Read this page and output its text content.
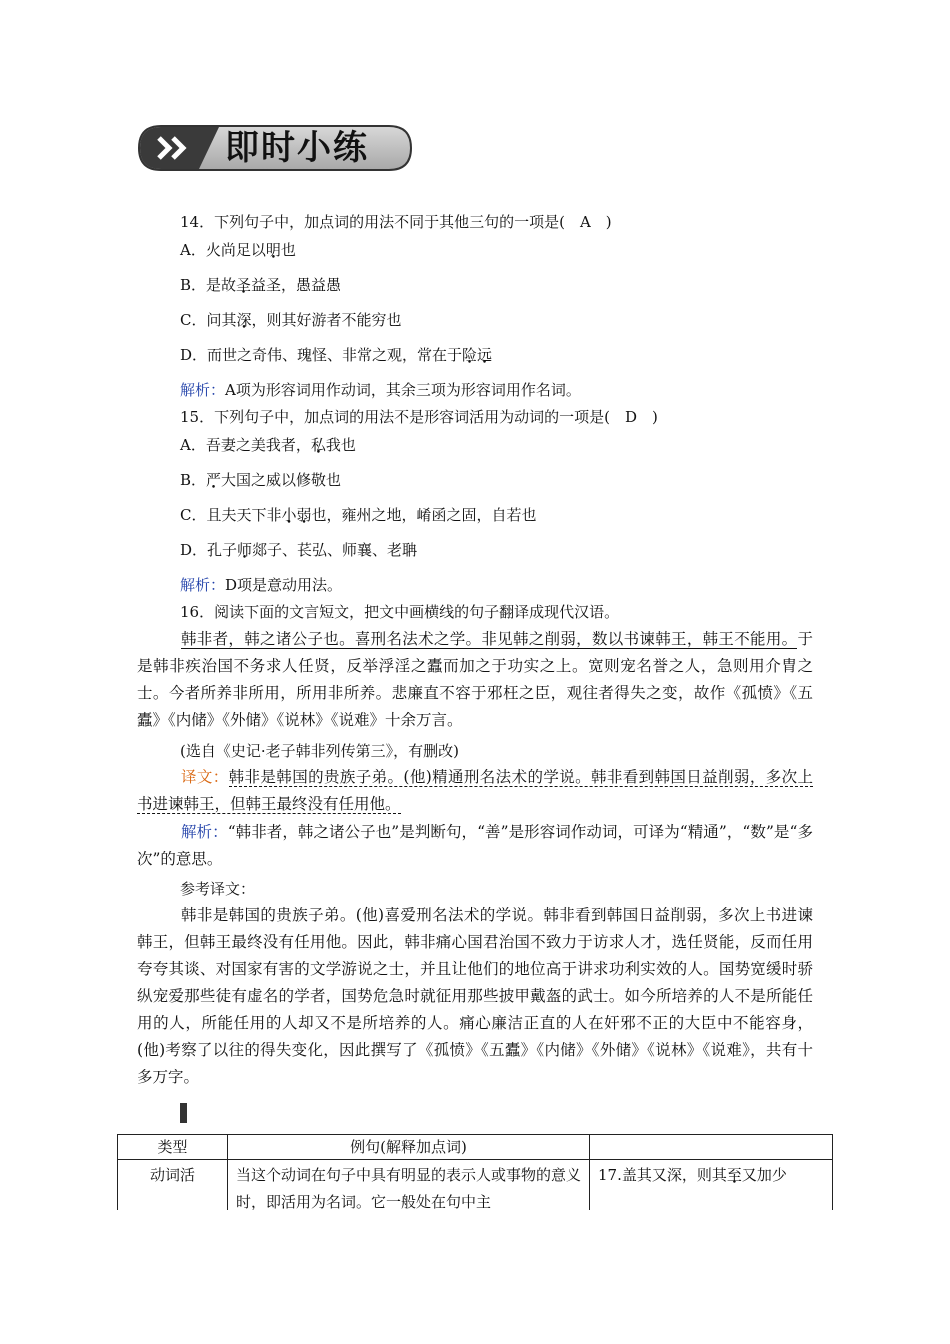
即时小练
14．下列句子中，加点词的用法不同于其他三句的一项是(　A　)
A．火尚足以明也
B．是故圣益圣，愚益愚
C．问其深，则其好游者不能穷也
D．而世之奇伟、瑰怪、非常之观，常在于险远
解析：A项为形容词用作动词，其余三项为形容词用作名词。
15．下列句子中，加点词的用法不是形容词活用为动词的一项是(　D　)
A．吾妻之美我者，私我也
B．严大国之威以修敬也
C．且夫天下非小弱也，雍州之地，崤函之固，自若也
D．孔子师郯子、苌弘、师襄、老聃
解析：D项是意动用法。
16．阅读下面的文言短文，把文中画横线的句子翻译成现代汉语。
韩非者，韩之诸公子也。喜刑名法术之学。非见韩之削弱，数以书谏韩王，韩王不能用。于是韩非疾治国不务求人任贤，反举浮淫之蠹而加之于功实之上。宽则宠名誉之人，急则用介胄之士。今者所养非所用，所用非所养。悲廉直不容于邪枉之臣，观往者得失之变，故作《孤愤》《五蠹》《内储》《外储》《说林》《说难》十余万言。
(选自《史记·老子韩非列传第三》，有删改)
译文：韩非是韩国的贵族子弟。(他)精通刑名法术的学说。韩非看到韩国日益削弱，多次上书进谏韩王，但韩王最终没有任用他。
解析：“韩非者，韩之诸公子也”是判断句，“善”是形容词作动词，可译为“精通”，“数”是“多次”的意思。
参考译文：
韩非是韩国的贵族子弟。(他)喜爱刑名法术的学说。韩非看到韩国日益削弱，多次上书进谏韩王，但韩王最终没有任用他。因此，韩非痛心国君治国不致力于访求人才，选任贤能，反而任用夸夸其谈、对国家有害的文学游说之士，并且让他们的地位高于讲求功利实效的人。国势宽缓时骄纵宠爱那些徒有虚名的学者，国势危急时就征用那些披甲戴盔的武士。如今所培养的人不是所能任用的人，所能任用的人却又不是所培养的人。痛心廉洁正直的人在奸邪不正的大臣中不能容身，(他)考察了以往的得失变化，因此撰写了《孤愤》《五蠹》《内储》《外储》《说林》《说难》，共有十多万字。
类型	例句(解释加点词)	
动词活	当这个动词在句子中具有明显的表示人或事物的意义时，即活用为名词。它一般处在句中主	17.盖其又深，则其至又加少
